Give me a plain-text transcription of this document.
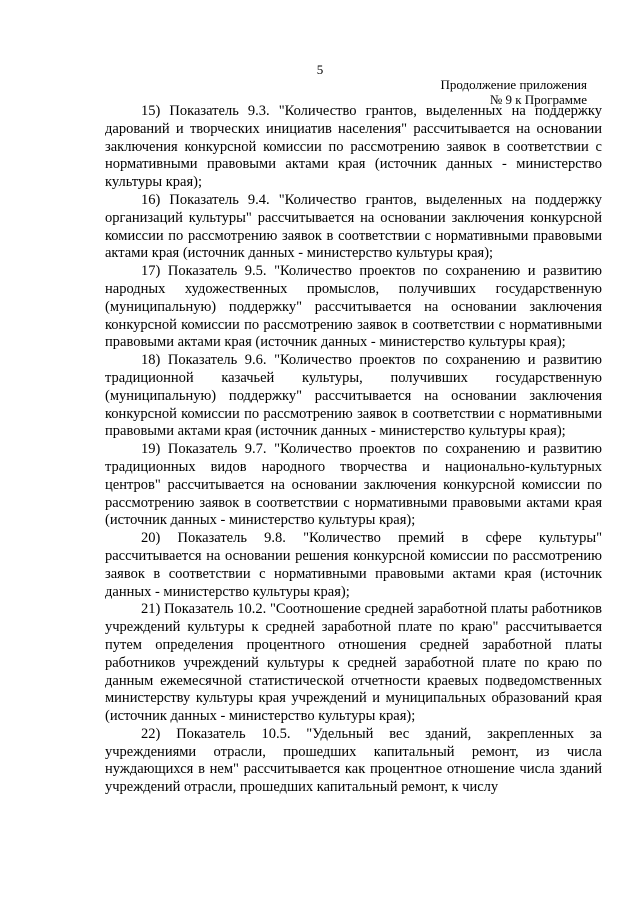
5
Продолжение приложения
№ 9 к Программе

15) Показатель 9.3. "Количество грантов, выделенных на поддержку дарований и творческих инициатив населения" рассчитывается на основании заключения конкурсной комиссии по рассмотрению заявок в соответствии с нормативными правовыми актами края (источник данных - министерство культуры края);

16) Показатель 9.4. "Количество грантов, выделенных на поддержку организаций культуры" рассчитывается на основании заключения конкурсной комиссии по рассмотрению заявок в соответствии с нормативными правовыми актами края (источник данных - министерство культуры края);

17) Показатель 9.5. "Количество проектов по сохранению и развитию народных художественных промыслов, получивших государственную (муниципальную) поддержку" рассчитывается на основании заключения конкурсной комиссии по рассмотрению заявок в соответствии с нормативными правовыми актами края (источник данных - министерство культуры края);

18) Показатель 9.6. "Количество проектов по сохранению и развитию традиционной казачьей культуры, получивших государственную (муниципальную) поддержку" рассчитывается на основании заключения конкурсной комиссии по рассмотрению заявок в соответствии с нормативными правовыми актами края (источник данных - министерство культуры края);

19) Показатель 9.7. "Количество проектов по сохранению и развитию традиционных видов народного творчества и национально-культурных центров" рассчитывается на основании заключения конкурсной комиссии по рассмотрению заявок в соответствии с нормативными правовыми актами края (источник данных - министерство культуры края);

20) Показатель 9.8. "Количество премий в сфере культуры" рассчитывается на основании решения конкурсной комиссии по рассмотрению заявок в соответствии с нормативными правовыми актами края (источник данных - министерство культуры края);

21) Показатель 10.2. "Соотношение средней заработной платы работников учреждений культуры к средней заработной плате по краю" рассчитывается путем определения процентного отношения средней заработной платы работников учреждений культуры к средней заработной плате по краю по данным ежемесячной статистической отчетности краевых подведомственных министерству культуры края учреждений и муниципальных образований края (источник данных - министерство культуры края);

22) Показатель 10.5. "Удельный вес зданий, закрепленных за учреждениями отрасли, прошедших капитальный ремонт, из числа нуждающихся в нем" рассчитывается как процентное отношение числа зданий учреждений отрасли, прошедших капитальный ремонт, к числу
